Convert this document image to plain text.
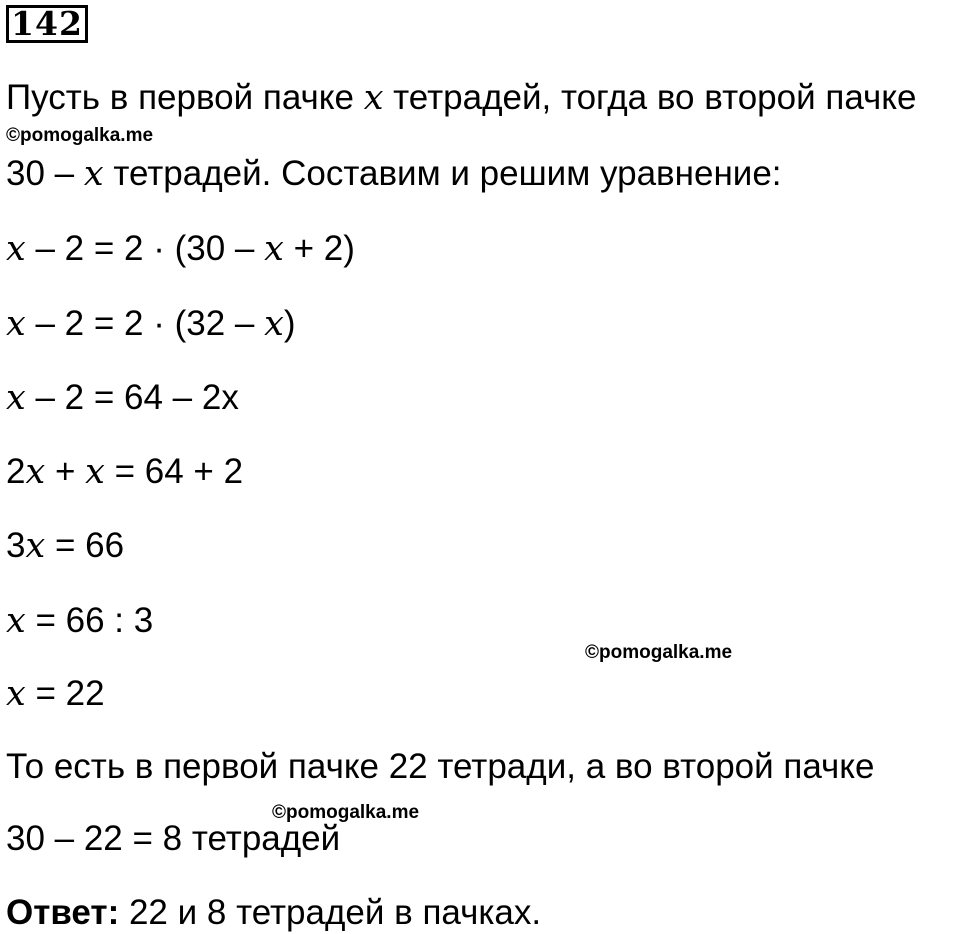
142
Пусть в первой пачке x тетрадей, тогда во второй пачке
©pomogalka.me
30 – x тетрадей. Составим и решим уравнение:
x – 2 = 2 · (30 – x + 2)
x – 2 = 2 · (32 – x)
x – 2 = 64 – 2x
2x + x = 64 + 2
3x = 66
x = 66 : 3
©pomogalka.me
x = 22
То есть в первой пачке 22 тетради, а во второй пачке
©pomogalka.me
30 – 22 = 8 тетрадей
Ответ: 22 и 8 тетрадей в пачках.
